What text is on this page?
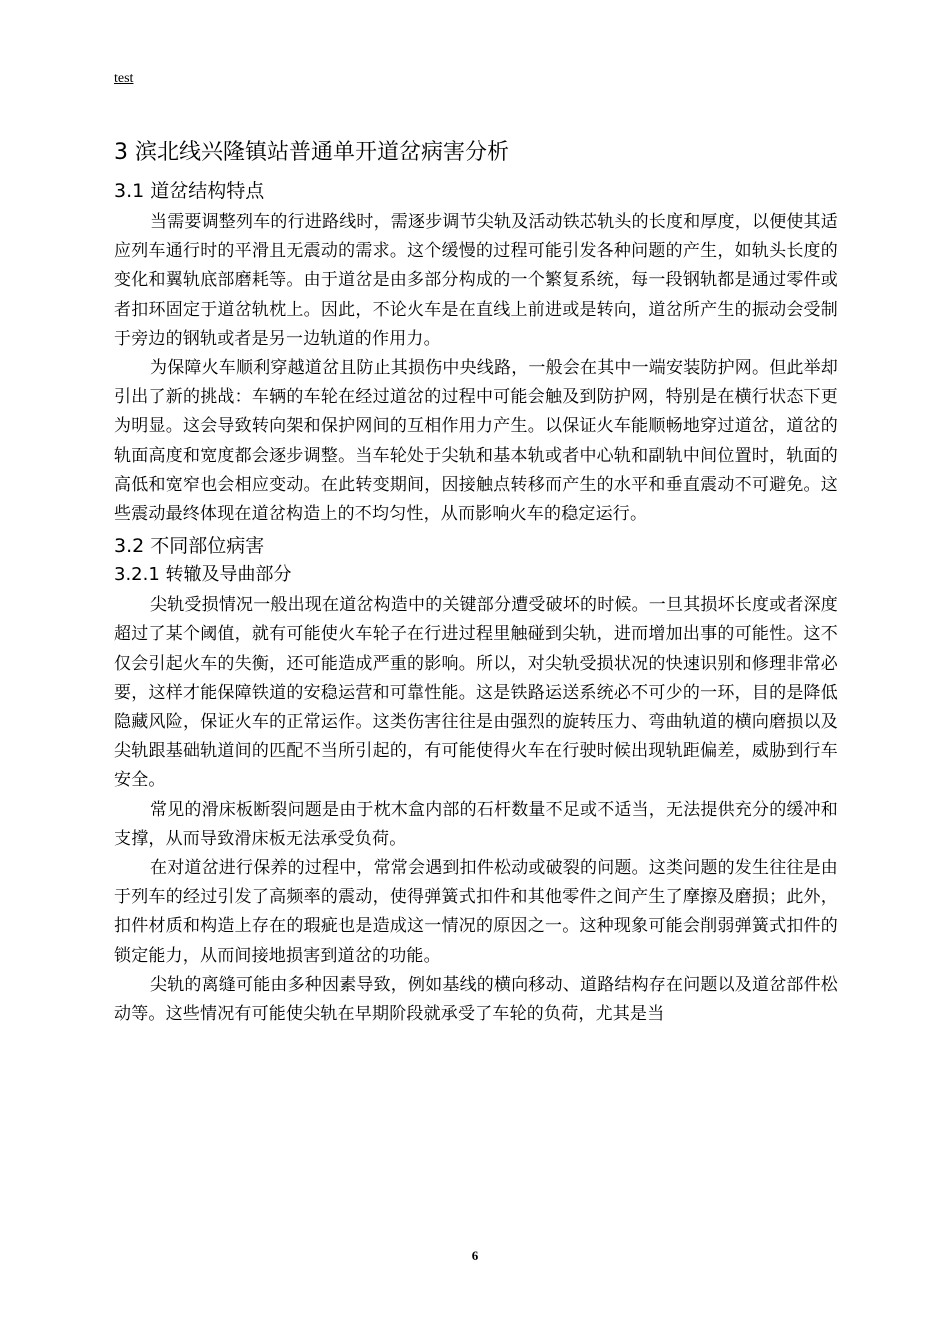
test
3 滨北线兴隆镇站普通单开道岔病害分析
3.1 道岔结构特点

当需要调整列车的行进路线时，需逐步调节尖轨及活动铁芯轨头的长度和厚度，以便使其适应列车通行时的平滑且无震动的需求。这个缓慢的过程可能引发各种问题的产生，如轨头长度的变化和翼轨底部磨耗等。由于道岔是由多部分构成的一个繁复系统，每一段钢轨都是通过零件或者扣环固定于道岔轨枕上。因此，不论火车是在直线上前进或是转向，道岔所产生的振动会受制于旁边的钢轨或者是另一边轨道的作用力。

为保障火车顺利穿越道岔且防止其损伤中央线路，一般会在其中一端安装防护网。但此举却引出了新的挑战：车辆的车轮在经过道岔的过程中可能会触及到防护网，特别是在横行状态下更为明显。这会导致转向架和保护网间的互相作用力产生。以保证火车能顺畅地穿过道岔，道岔的轨面高度和宽度都会逐步调整。当车轮处于尖轨和基本轨或者中心轨和副轨中间位置时，轨面的高低和宽窄也会相应变动。在此转变期间，因接触点转移而产生的水平和垂直震动不可避免。这些震动最终体现在道岔构造上的不均匀性，从而影响火车的稳定运行。

3.2 不同部位病害
3.2.1 转辙及导曲部分

尖轨受损情况一般出现在道岔构造中的关键部分遭受破坏的时候。一旦其损坏长度或者深度超过了某个阈值，就有可能使火车轮子在行进过程里触碰到尖轨，进而增加出事的可能性。这不仅会引起火车的失衡，还可能造成严重的影响。所以，对尖轨受损状况的快速识别和修理非常必要，这样才能保障铁道的安稳运营和可靠性能。这是铁路运送系统必不可少的一环，目的是降低隐藏风险，保证火车的正常运作。这类伤害往往是由强烈的旋转压力、弯曲轨道的横向磨损以及尖轨跟基础轨道间的匹配不当所引起的，有可能使得火车在行驶时候出现轨距偏差，威胁到行车安全。

常见的滑床板断裂问题是由于枕木盒内部的石杆数量不足或不适当，无法提供充分的缓冲和支撑，从而导致滑床板无法承受负荷。

在对道岔进行保养的过程中，常常会遇到扣件松动或破裂的问题。这类问题的发生往往是由于列车的经过引发了高频率的震动，使得弹簧式扣件和其他零件之间产生了摩擦及磨损；此外，扣件材质和构造上存在的瑕疵也是造成这一情况的原因之一。这种现象可能会削弱弹簧式扣件的锁定能力，从而间接地损害到道岔的功能。

尖轨的离缝可能由多种因素导致，例如基线的横向移动、道路结构存在问题以及道岔部件松动等。这些情况有可能使尖轨在早期阶段就承受了车轮的负荷，尤其是当

6
